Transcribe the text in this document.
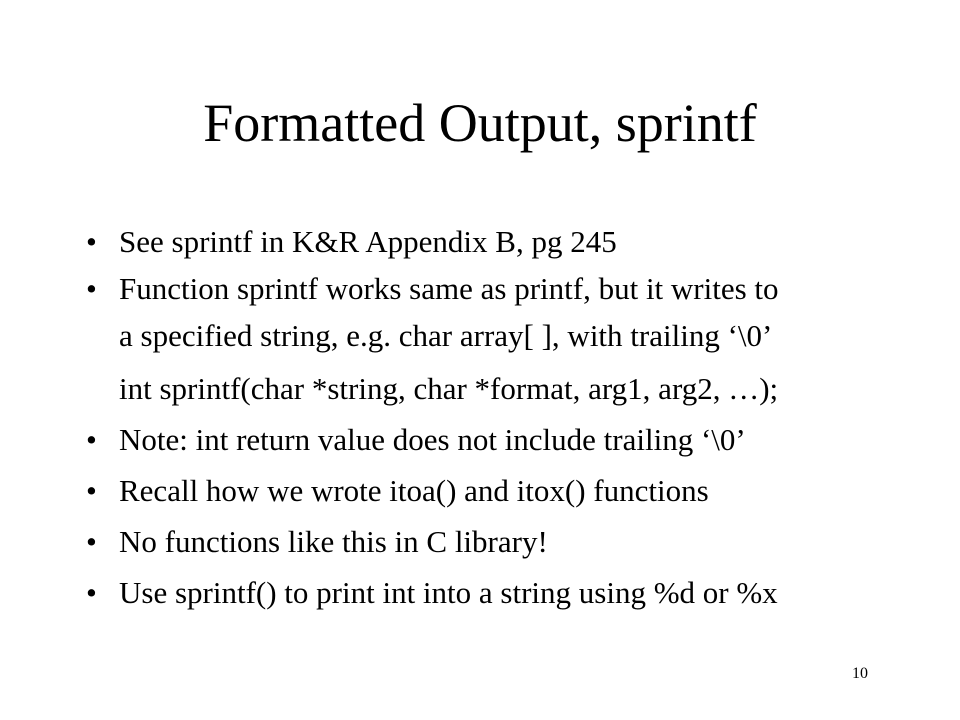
Formatted Output, sprintf
• See sprintf in K&R Appendix B, pg 245
• Function sprintf works same as printf, but it writes to
a specified string, e.g. char array[ ], with trailing ‘\0’
int sprintf(char *string, char *format, arg1, arg2, …);
• Note: int return value does not include trailing ‘\0’
• Recall how we wrote itoa() and itox() functions
• No functions like this in C library!
• Use sprintf() to print int into a string using %d or %x
10
